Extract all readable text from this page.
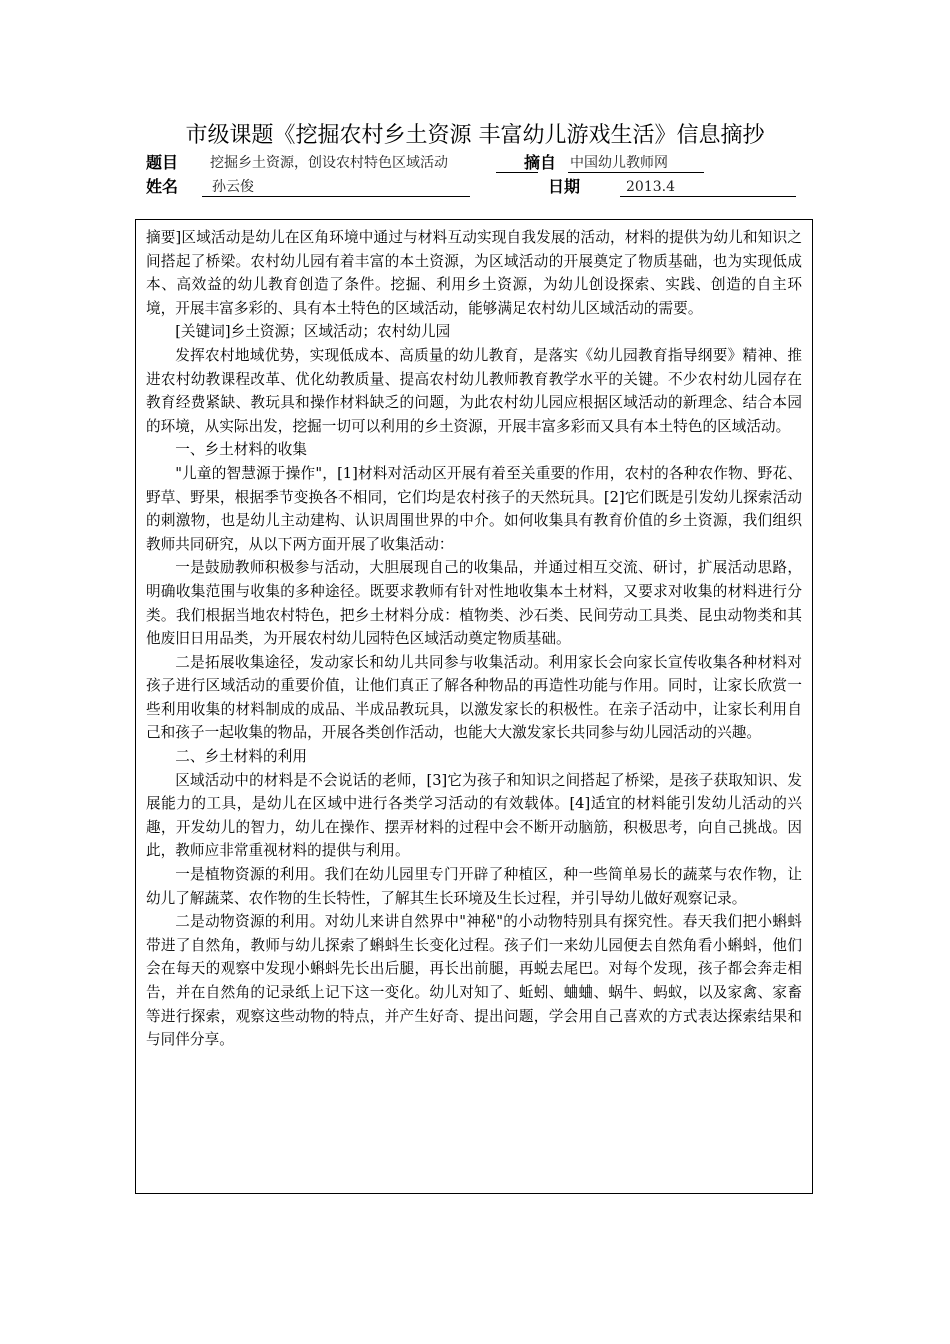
市级课题《挖掘农村乡土资源 丰富幼儿游戏生活》信息摘抄
题目 挖掘乡土资源，创设农村特色区域活动	摘自 中国幼儿教师网
姓名 孙云俊	日期	2013.4

摘要]区域活动是幼儿在区角环境中通过与材料互动实现自我发展的活动，材料的提供为幼儿和知识之间搭起了桥梁。农村幼儿园有着丰富的本土资源，为区域活动的开展奠定了物质基础，也为实现低成本、高效益的幼儿教育创造了条件。挖掘、利用乡土资源，为幼儿创设探索、实践、创造的自主环境，开展丰富多彩的、具有本土特色的区域活动，能够满足农村幼儿区域活动的需要。

[关键词]乡土资源；区域活动；农村幼儿园

发挥农村地域优势，实现低成本、高质量的幼儿教育，是落实《幼儿园教育指导纲要》精神、推进农村幼教课程改革、优化幼教质量、提高农村幼儿教师教育教学水平的关键。不少农村幼儿园存在教育经费紧缺、教玩具和操作材料缺乏的问题，为此农村幼儿园应根据区域活动的新理念、结合本园的环境，从实际出发，挖掘一切可以利用的乡土资源，开展丰富多彩而又具有本土特色的区域活动。

一、乡土材料的收集

"儿童的智慧源于操作"，[1]材料对活动区开展有着至关重要的作用，农村的各种农作物、野花、野草、野果，根据季节变换各不相同，它们均是农村孩子的天然玩具。[2]它们既是引发幼儿探索活动的刺激物，也是幼儿主动建构、认识周围世界的中介。如何收集具有教育价值的乡土资源，我们组织教师共同研究，从以下两方面开展了收集活动：

一是鼓励教师积极参与活动，大胆展现自己的收集品，并通过相互交流、研讨，扩展活动思路，明确收集范围与收集的多种途径。既要求教师有针对性地收集本土材料，又要求对收集的材料进行分类。我们根据当地农村特色，把乡土材料分成：植物类、沙石类、民间劳动工具类、昆虫动物类和其他废旧日用品类，为开展农村幼儿园特色区域活动奠定物质基础。

二是拓展收集途径，发动家长和幼儿共同参与收集活动。利用家长会向家长宣传收集各种材料对孩子进行区域活动的重要价值，让他们真正了解各种物品的再造性功能与作用。同时，让家长欣赏一些利用收集的材料制成的成品、半成品教玩具，以激发家长的积极性。在亲子活动中，让家长利用自己和孩子一起收集的物品，开展各类创作活动，也能大大激发家长共同参与幼儿园活动的兴趣。

二、乡土材料的利用

区域活动中的材料是不会说话的老师，[3]它为孩子和知识之间搭起了桥梁，是孩子获取知识、发展能力的工具，是幼儿在区域中进行各类学习活动的有效载体。[4]适宜的材料能引发幼儿活动的兴趣，开发幼儿的智力，幼儿在操作、摆弄材料的过程中会不断开动脑筋，积极思考，向自己挑战。因此，教师应非常重视材料的提供与利用。

一是植物资源的利用。我们在幼儿园里专门开辟了种植区，种一些简单易长的蔬菜与农作物，让幼儿了解蔬菜、农作物的生长特性，了解其生长环境及生长过程，并引导幼儿做好观察记录。

二是动物资源的利用。对幼儿来讲自然界中"神秘"的小动物特别具有探究性。春天我们把小蝌蚪带进了自然角，教师与幼儿探索了蝌蚪生长变化过程。孩子们一来幼儿园便去自然角看小蝌蚪，他们会在每天的观察中发现小蝌蚪先长出后腿，再长出前腿，再蜕去尾巴。对每个发现，孩子都会奔走相告，并在自然角的记录纸上记下这一变化。幼儿对知了、蚯蚓、蛐蛐、蜗牛、蚂蚁，以及家禽、家畜等进行探索，观察这些动物的特点，并产生好奇、提出问题，学会用自己喜欢的方式表达探索结果和与同伴分享。
